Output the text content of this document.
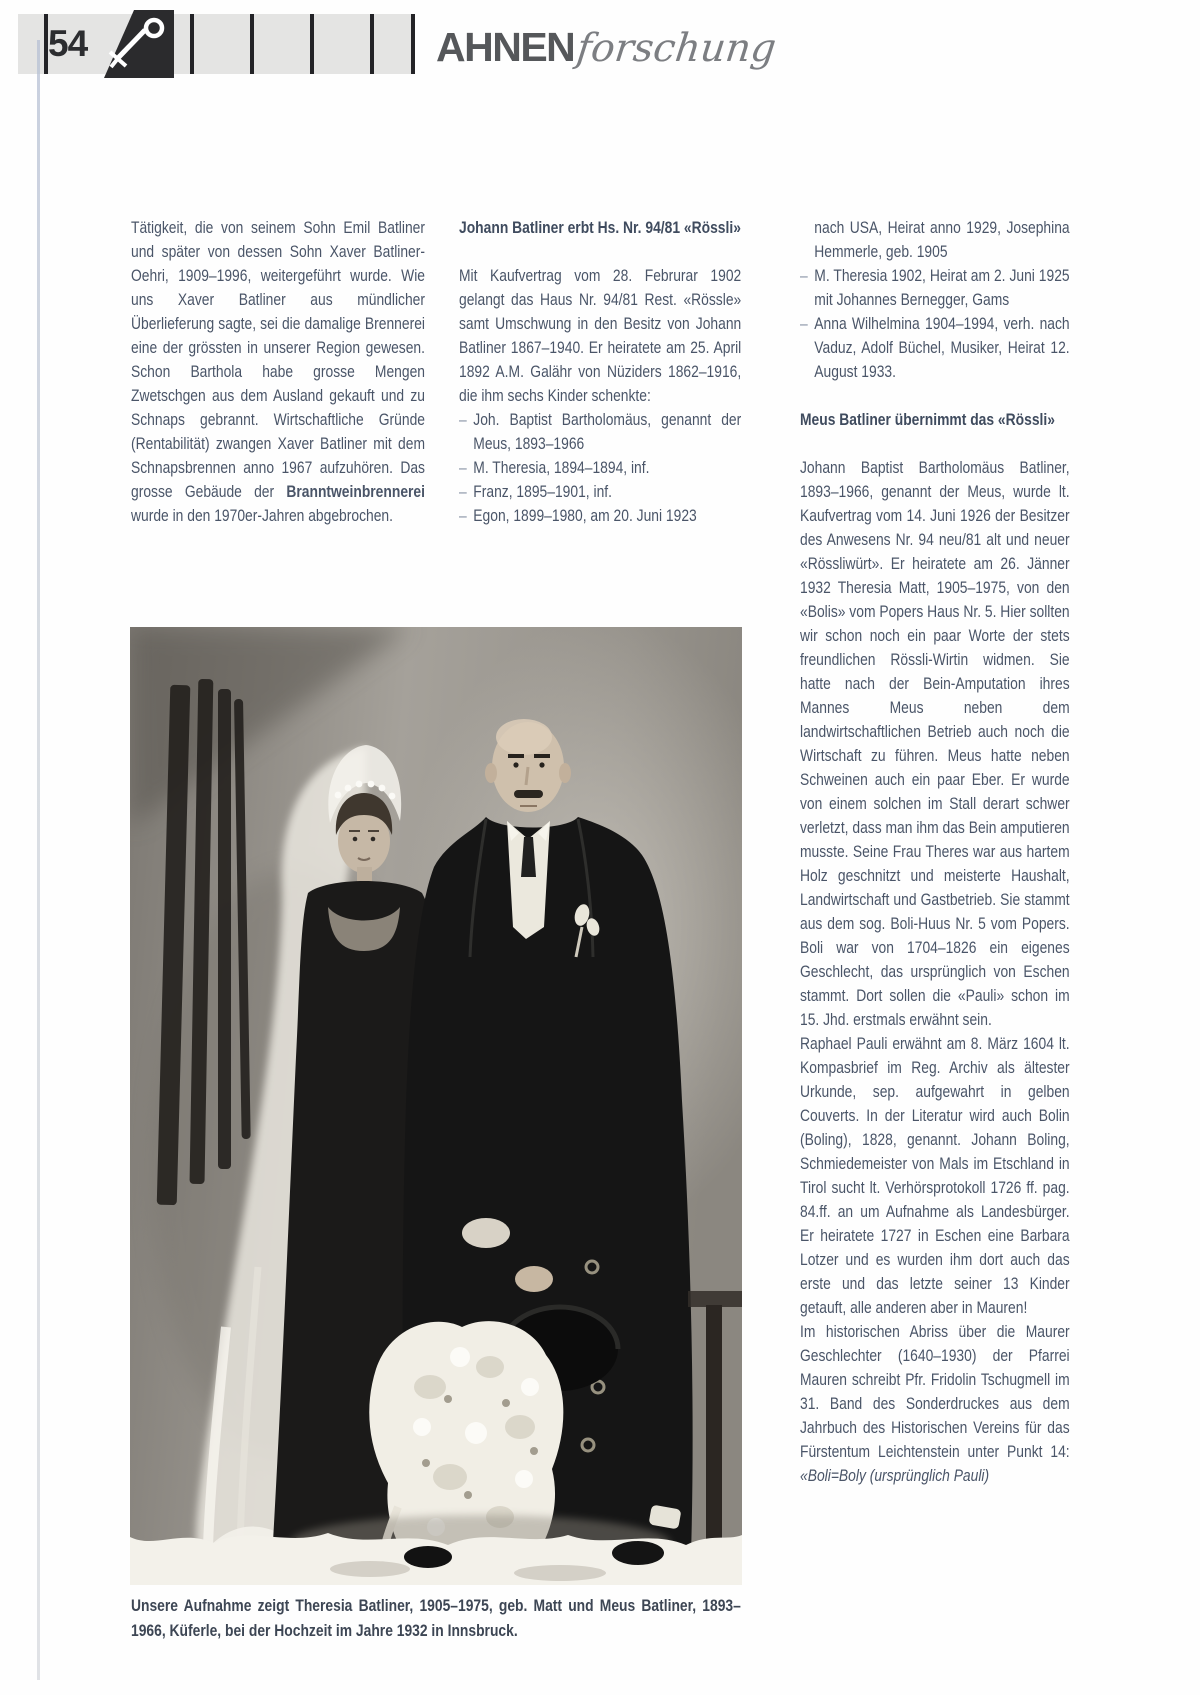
54	AHNENforschung

Tätigkeit, die von seinem Sohn Emil Batliner und später von dessen Sohn Xaver Batliner-Oehri, 1909–1996, weitergeführt wurde. Wie uns Xaver Batliner aus mündlicher Überlieferung sagte, sei die damalige Brennerei eine der grössten in unserer Region gewesen. Schon Barthola habe grosse Mengen Zwetschgen aus dem Ausland gekauft und zu Schnaps gebrannt. Wirtschaftliche Gründe (Rentabilität) zwangen Xaver Batliner mit dem Schnapsbrennen anno 1967 aufzuhören. Das grosse Gebäude der Branntweinbrennerei wurde in den 1970er-Jahren abgebrochen.

Johann Batliner erbt Hs. Nr. 94/81 «Rössli»

Mit Kaufvertrag vom 28. Februrar 1902 gelangt das Haus Nr. 94/81 Rest. «Rössle» samt Umschwung in den Besitz von Johann Batliner 1867–1940. Er heiratete am 25. April 1892 A.M. Galähr von Nüziders 1862–1916, die ihm sechs Kinder schenkte:

– Joh. Baptist Bartholomäus, genannt der Meus, 1893–1966
– M. Theresia, 1894–1894, inf.
– Franz, 1895–1901, inf.
– Egon, 1899–1980, am 20. Juni 1923
nach USA, Heirat anno 1929, Josephina Hemmerle, geb. 1905
– M. Theresia 1902, Heirat am 2. Juni 1925 mit Johannes Bernegger, Gams
– Anna Wilhelmina 1904–1994, verh. nach Vaduz, Adolf Büchel, Musiker, Heirat 12. August 1933.
Meus Batliner übernimmt das «Rössli»

Johann Baptist Bartholomäus Batliner, 1893–1966, genannt der Meus, wurde lt. Kaufvertrag vom 14. Juni 1926 der Besitzer des Anwesens Nr. 94 neu/81 alt und neuer «Rössliwürt». Er heiratete am 26. Jänner 1932 Theresia Matt, 1905–1975, von den «Bolis» vom Popers Haus Nr. 5. Hier sollten wir schon noch ein paar Worte der stets freundlichen Rössli-Wirtin widmen. Sie hatte nach der Bein-Amputation ihres Mannes Meus neben dem landwirtschaftlichen Betrieb auch noch die Wirtschaft zu führen. Meus hatte neben Schweinen auch ein paar Eber. Er wurde von einem solchen im Stall derart schwer verletzt, dass man ihm das Bein amputieren musste. Seine Frau Theres war aus hartem Holz geschnitzt und meisterte Haushalt, Landwirtschaft und Gastbetrieb. Sie stammt aus dem sog. Boli-Huus Nr. 5 vom Popers. Boli war von 1704–1826 ein eigenes Geschlecht, das ursprünglich von Eschen stammt. Dort sollen die «Pauli» schon im 15. Jhd. erstmals erwähnt sein.

Raphael Pauli erwähnt am 8. März 1604 lt. Kompasbrief im Reg. Archiv als ältester Urkunde, sep. aufgewahrt in gelben Couverts. In der Literatur wird auch Bolin (Boling), 1828, genannt. Johann Boling, Schmiedemeister von Mals im Etschland in Tirol sucht lt. Verhörsprotokoll 1726 ff. pag. 84.ff. an um Aufnahme als Landesbürger. Er heiratete 1727 in Eschen eine Barbara Lotzer und es wurden ihm dort auch das erste und das letzte seiner 13 Kinder getauft, alle anderen aber in Mauren!

Im historischen Abriss über die Maurer Geschlechter (1640–1930) der Pfarrei Mauren schreibt Pfr. Fridolin Tschugmell im 31. Band des Sonderdruckes aus dem Jahrbuch des Historischen Vereins für das Fürstentum Leichtenstein unter Punkt 14: «Boli=Boly (ursprünglich Pauli)

Unsere Aufnahme zeigt Theresia Batliner, 1905–1975, geb. Matt und Meus Batliner, 1893–1966, Küferle, bei der Hochzeit im Jahre 1932 in Innsbruck.
